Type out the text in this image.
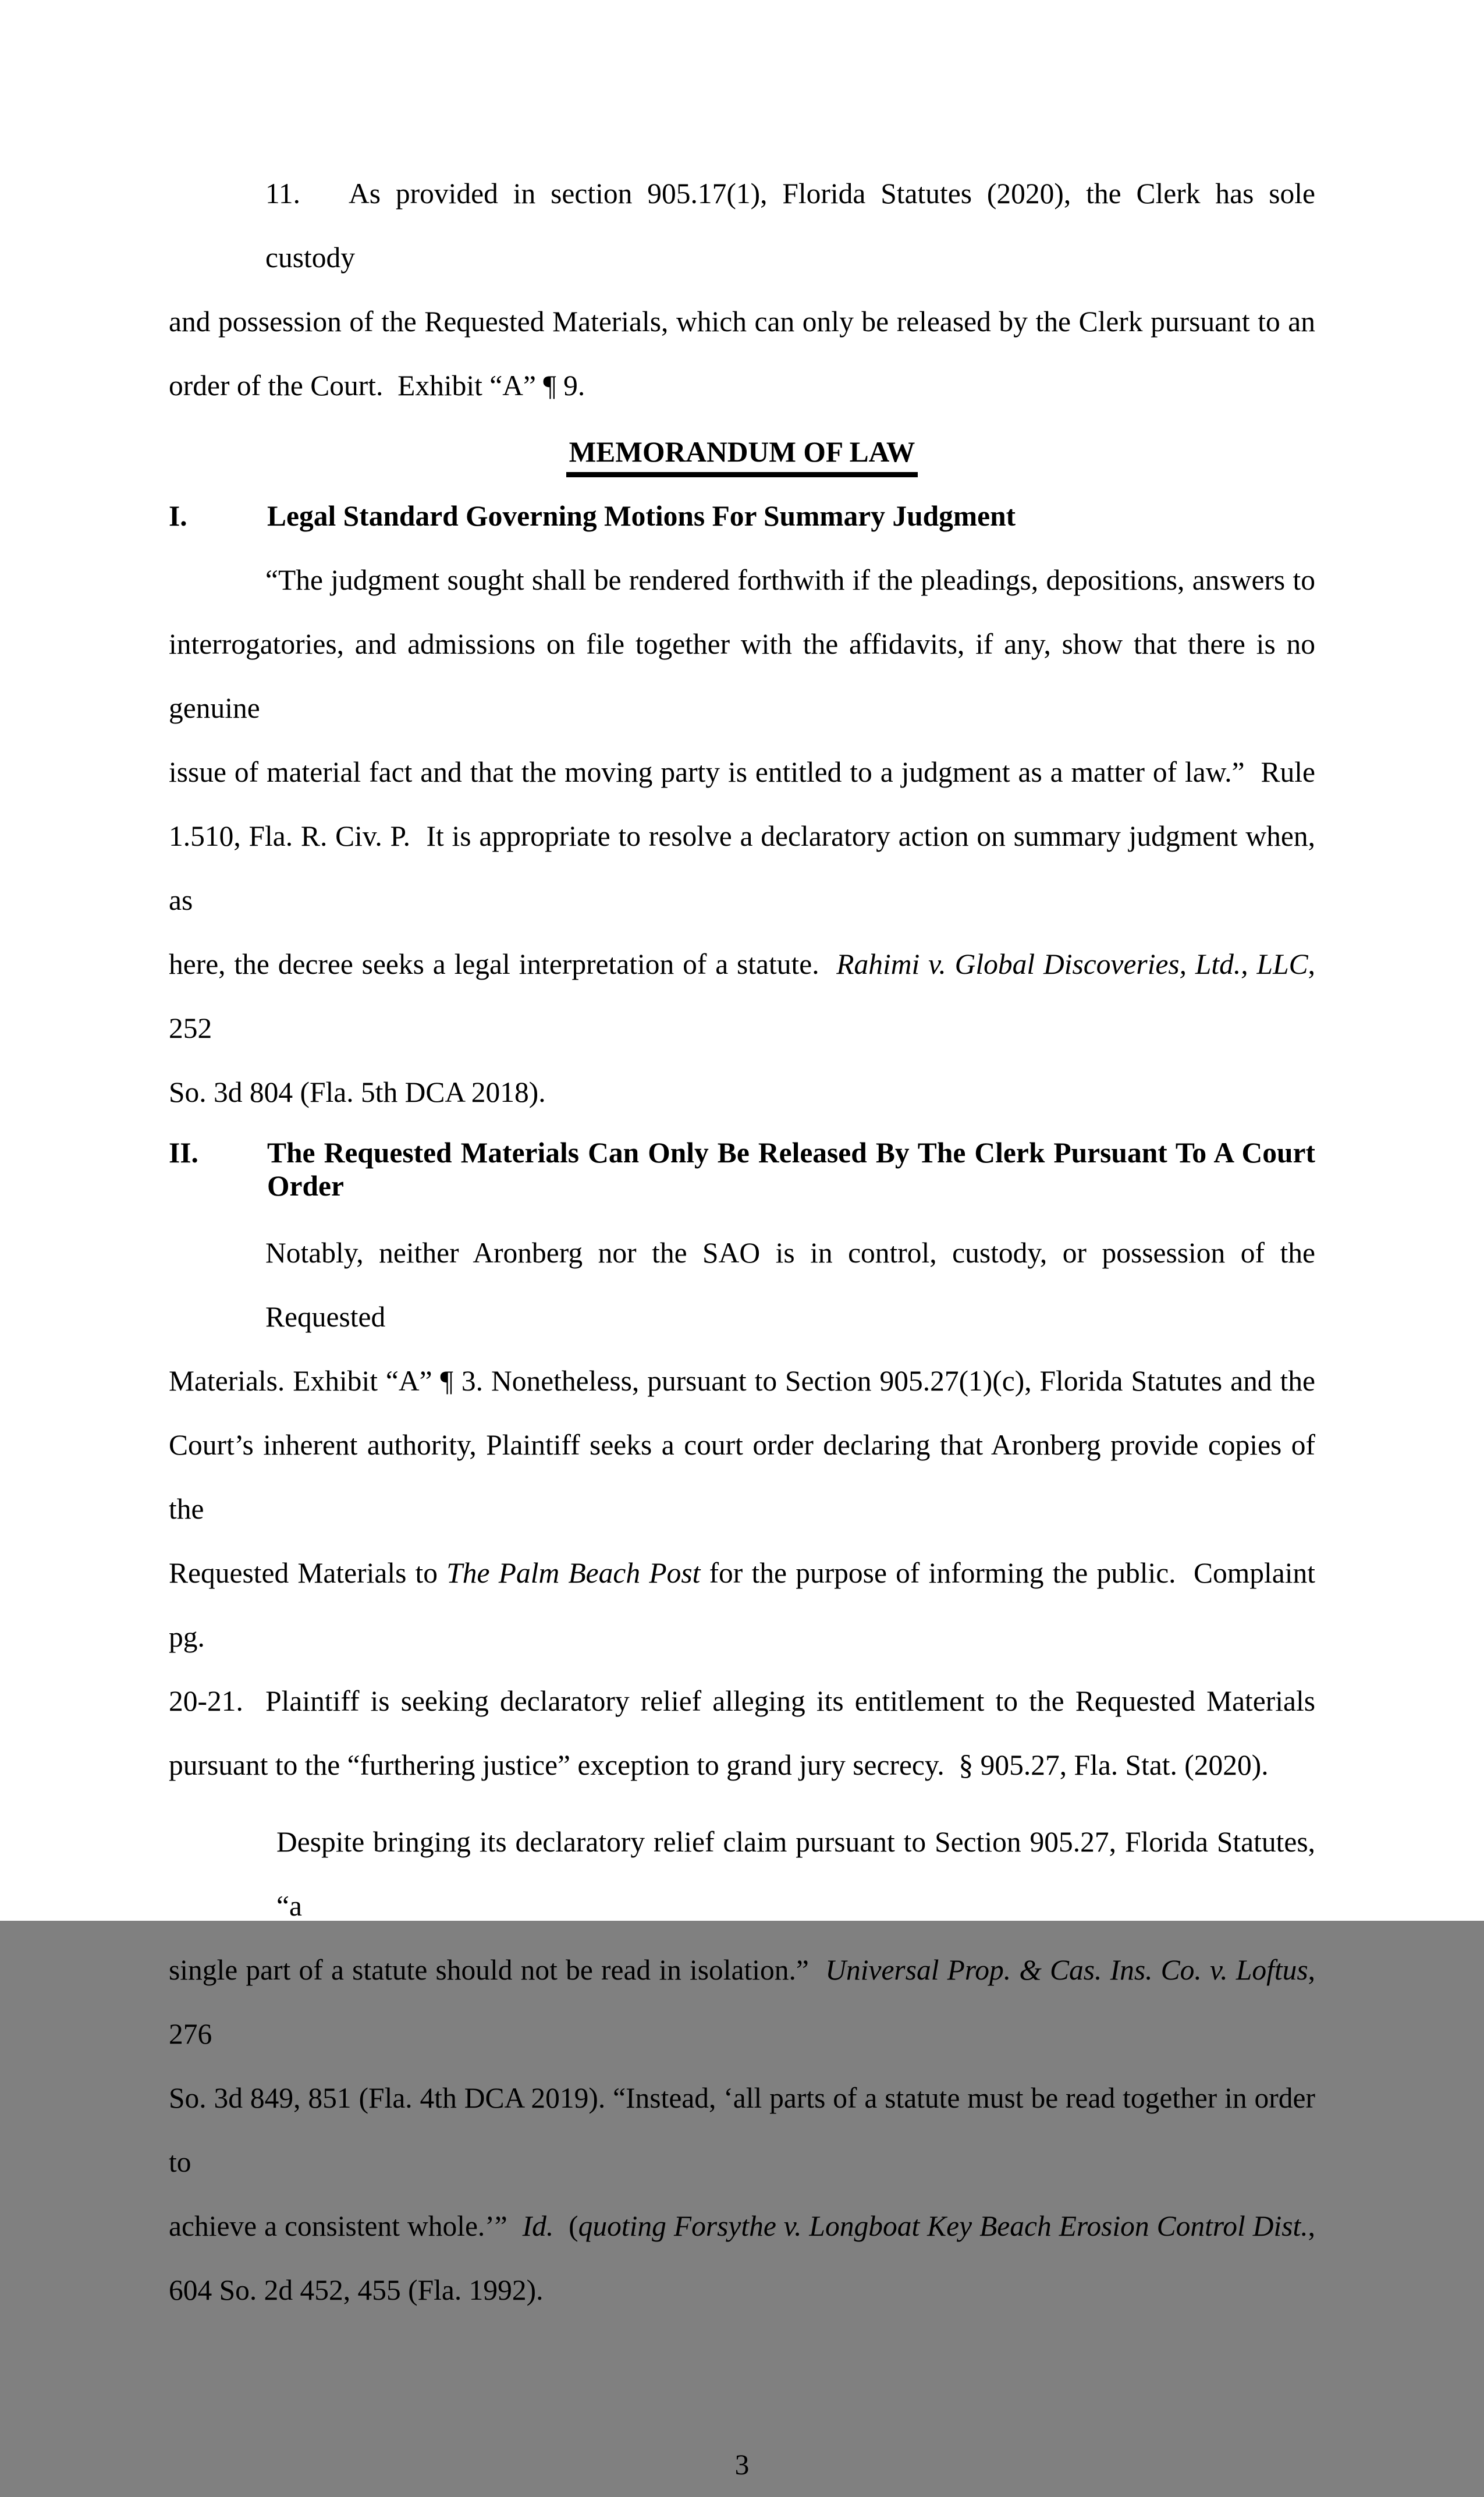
11. As provided in section 905.17(1), Florida Statutes (2020), the Clerk has sole custody
and possession of the Requested Materials, which can only be released by the Clerk pursuant to an
order of the Court.  Exhibit “A” ¶ 9.
MEMORANDUM OF LAW
I.	Legal Standard Governing Motions For Summary Judgment
“The judgment sought shall be rendered forthwith if the pleadings, depositions, answers to
interrogatories, and admissions on file together with the affidavits, if any, show that there is no genuine
issue of material fact and that the moving party is entitled to a judgment as a matter of law.”  Rule
1.510, Fla. R. Civ. P.  It is appropriate to resolve a declaratory action on summary judgment when, as
here, the decree seeks a legal interpretation of a statute.  Rahimi v. Global Discoveries, Ltd., LLC, 252
So. 3d 804 (Fla. 5th DCA 2018).
II.	The Requested Materials Can Only Be Released By The Clerk Pursuant To A Court
Order
Notably, neither Aronberg nor the SAO is in control, custody, or possession of the Requested
Materials. Exhibit “A” ¶ 3. Nonetheless, pursuant to Section 905.27(1)(c), Florida Statutes and the
Court’s inherent authority, Plaintiff seeks a court order declaring that Aronberg provide copies of the
Requested Materials to The Palm Beach Post for the purpose of informing the public.  Complaint pg.
20-21.  Plaintiff is seeking declaratory relief alleging its entitlement to the Requested Materials
pursuant to the “furthering justice” exception to grand jury secrecy.  § 905.27, Fla. Stat. (2020).
Despite bringing its declaratory relief claim pursuant to Section 905.27, Florida Statutes, “a
single part of a statute should not be read in isolation.”  Universal Prop. & Cas. Ins. Co. v. Loftus, 276
So. 3d 849, 851 (Fla. 4th DCA 2019). “Instead, ‘all parts of a statute must be read together in order to
achieve a consistent whole.’”  Id.  (quoting Forsythe v. Longboat Key Beach Erosion Control Dist.,
604 So. 2d 452, 455 (Fla. 1992).
3
